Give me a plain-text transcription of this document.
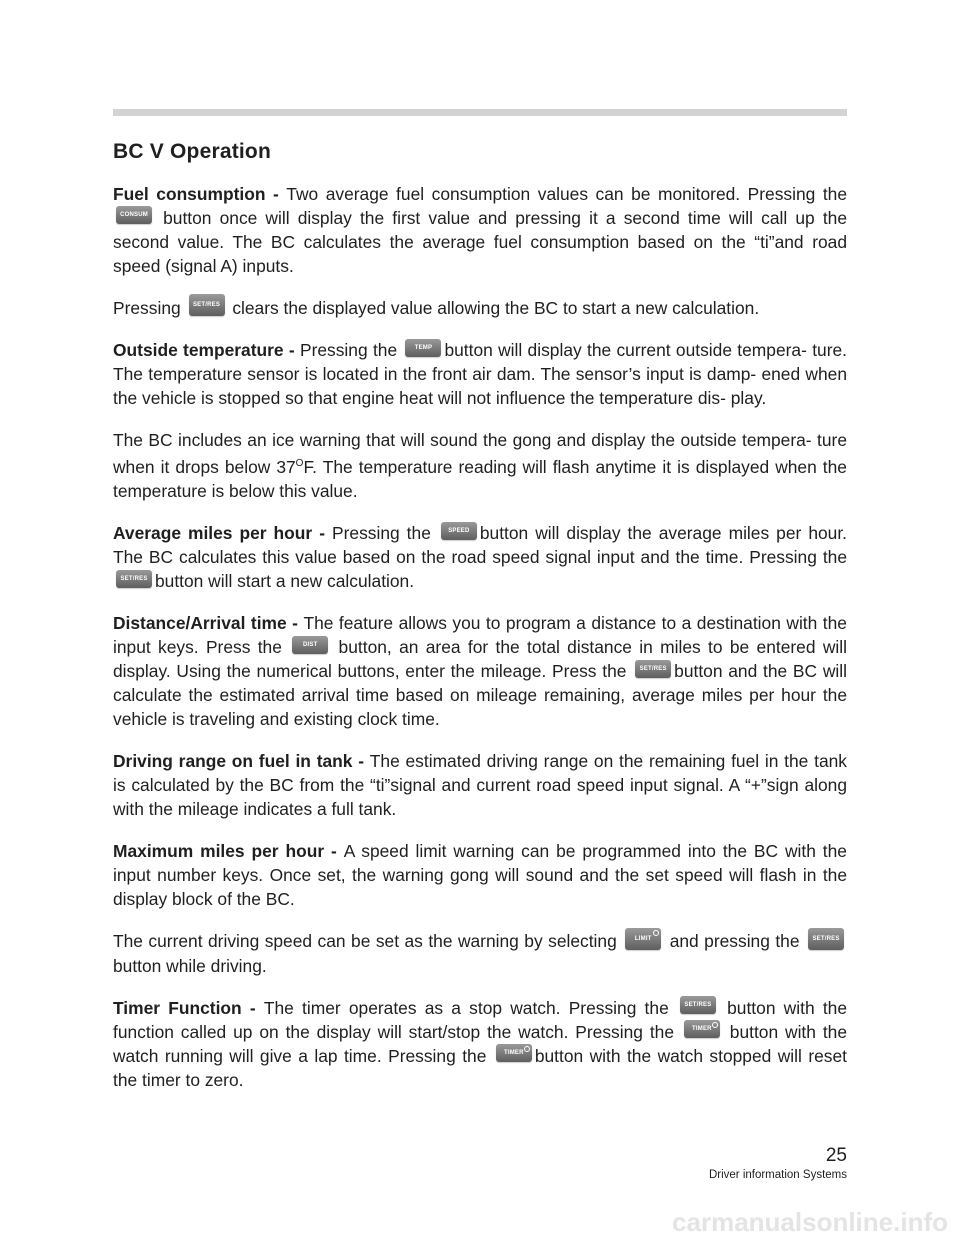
BC V Operation

Fuel consumption - Two average fuel consumption values can be monitored. Pressing the CONSUM button once will display the first value and pressing it a second time will call up the second value. The BC calculates the average fuel consumption based on the “ti”and road speed (signal A) inputs.

Pressing SET/RES clears the displayed value allowing the BC to start a new calculation.

Outside temperature - Pressing the TEMP button will display the current outside tempera- ture. The temperature sensor is located in the front air dam. The sensor’s input is damp- ened when the vehicle is stopped so that engine heat will not influence the temperature dis- play.

The BC includes an ice warning that will sound the gong and display the outside tempera- ture when it drops below $37^OF$. The temperature reading will flash anytime it is displayed when the temperature is below this value.

Average miles per hour - Pressing the SPEED button will display the average miles per hour. The BC calculates this value based on the road speed signal input and the time. Pressing the SET/RES button will start a new calculation.

Distance/Arrival time - The feature allows you to program a distance to a destination with the input keys. Press the DIST button, an area for the total distance in miles to be entered will display. Using the numerical buttons, enter the mileage. Press the SET/RES button and the BC will calculate the estimated arrival time based on mileage remaining, average miles per hour the vehicle is traveling and existing clock time.

Driving range on fuel in tank - The estimated driving range on the remaining fuel in the tank is calculated by the BC from the “ti”signal and current road speed input signal. A “+”sign along with the mileage indicates a full tank.

Maximum miles per hour - A speed limit warning can be programmed into the BC with the input number keys. Once set, the warning gong will sound and the set speed will flash in the display block of the BC.

The current driving speed can be set as the warning by selecting LIMIT
and pressing the SET/RES button while driving.

Timer Function - The timer operates as a stop watch. Pressing the SET/RES button with the function called up on the display will start/stop the watch. Pressing the TIMER
button with the watch running will give a lap time. Pressing the TIMER button with the watch stopped will reset the timer to zero.

25
Driver information Systems
carmanualsonline.info
